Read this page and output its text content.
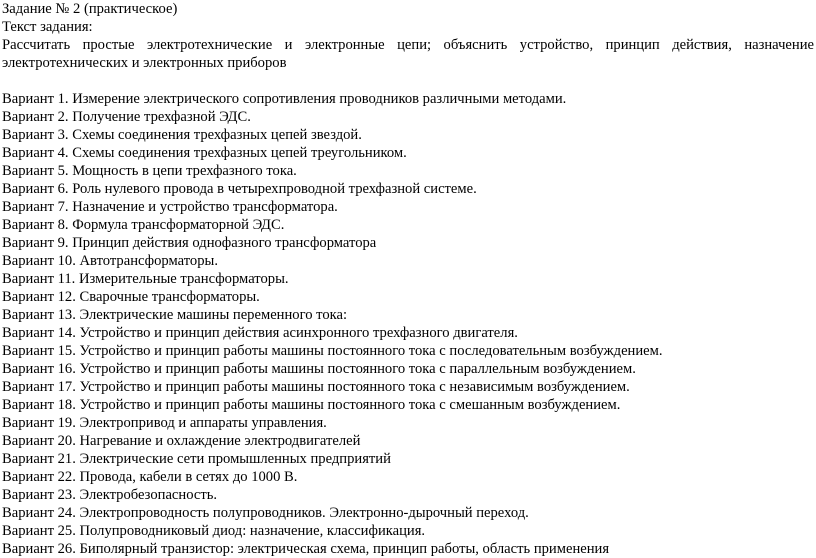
Задание № 2 (практическое)
Текст задания:
Рассчитать простые электротехнические и электронные цепи; объяснить устройство, принцип действия, назначение электротехнических и электронных приборов
Вариант 1. Измерение электрического сопротивления проводников различными методами.
Вариант 2. Получение трехфазной ЭДС.
Вариант 3. Схемы соединения трехфазных цепей звездой.
Вариант 4. Схемы соединения трехфазных цепей треугольником.
Вариант 5. Мощность в цепи трехфазного тока.
Вариант 6. Роль нулевого провода в четырехпроводной трехфазной системе.
Вариант 7. Назначение и устройство трансформатора.
Вариант 8. Формула трансформаторной ЭДС.
Вариант 9. Принцип действия однофазного трансформатора
Вариант 10. Автотрансформаторы.
Вариант 11. Измерительные трансформаторы.
Вариант 12. Сварочные трансформаторы.
Вариант 13. Электрические машины переменного тока:
Вариант 14. Устройство и принцип действия асинхронного трехфазного двигателя.
Вариант 15. Устройство и принцип работы машины постоянного тока с последовательным возбуждением.
Вариант 16. Устройство и принцип работы машины постоянного тока с параллельным возбуждением.
Вариант 17. Устройство и принцип работы машины постоянного тока с независимым возбуждением.
Вариант 18. Устройство и принцип работы машины постоянного тока с смешанным возбуждением.
Вариант 19. Электропривод и аппараты управления.
Вариант 20. Нагревание и охлаждение электродвигателей
Вариант 21. Электрические сети промышленных предприятий
Вариант 22. Провода, кабели в сетях до 1000 В.
Вариант 23. Электробезопасность.
Вариант 24. Электропроводность полупроводников. Электронно-дырочный переход.
Вариант 25. Полупроводниковый диод: назначение, классификация.
Вариант 26. Биполярный транзистор: электрическая схема, принцип работы, область применения
